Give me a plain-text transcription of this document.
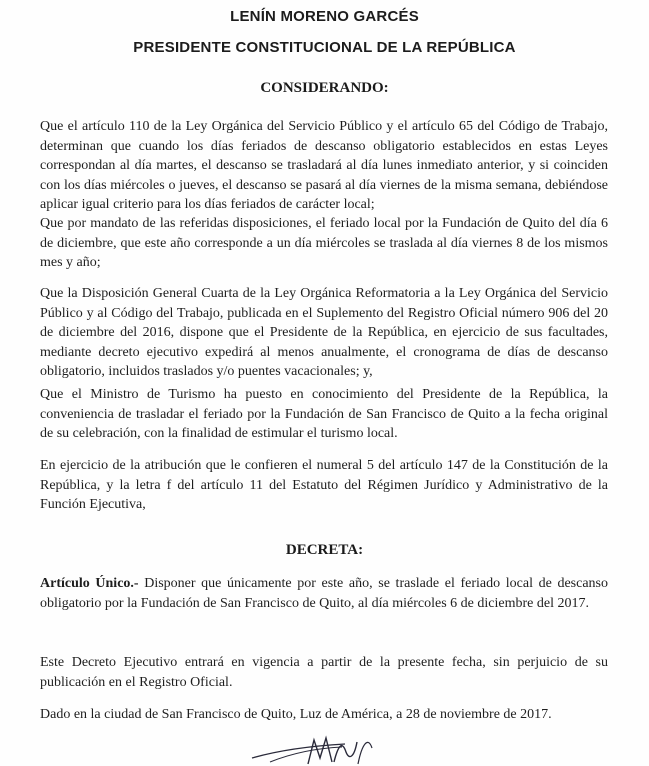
LENÍN MORENO GARCÉS
PRESIDENTE CONSTITUCIONAL DE LA REPÚBLICA
CONSIDERANDO:
Que el artículo 110 de la Ley Orgánica del Servicio Público y el artículo 65 del Código de Trabajo, determinan que cuando los días feriados de descanso obligatorio establecidos en estas Leyes correspondan al día martes, el descanso se trasladará al día lunes inmediato anterior, y si coinciden con los días miércoles o jueves, el descanso se pasará al día viernes de la misma semana, debiéndose aplicar igual criterio para los días feriados de carácter local;
Que por mandato de las referidas disposiciones, el feriado local por la Fundación de Quito del día 6 de diciembre, que este año corresponde a un día miércoles se traslada al día viernes 8 de los mismos mes y año;
Que la Disposición General Cuarta de la Ley Orgánica Reformatoria a la Ley Orgánica del Servicio Público y al Código del Trabajo, publicada en el Suplemento del Registro Oficial número 906 del 20 de diciembre del 2016, dispone que el Presidente de la República, en ejercicio de sus facultades, mediante decreto ejecutivo expedirá al menos anualmente, el cronograma de días de descanso obligatorio, incluidos traslados y/o puentes vacacionales; y,
Que el Ministro de Turismo ha puesto en conocimiento del Presidente de la República, la conveniencia de trasladar el feriado por la Fundación de San Francisco de Quito a la fecha original de su celebración, con la finalidad de estimular el turismo local.
En ejercicio de la atribución que le confieren el numeral 5 del artículo 147 de la Constitución de la República, y la letra f del artículo 11 del Estatuto del Régimen Jurídico y Administrativo de la Función Ejecutiva,
DECRETA:
Artículo Único.- Disponer que únicamente por este año, se traslade el feriado local de descanso obligatorio por la Fundación de San Francisco de Quito, al día miércoles 6 de diciembre del 2017.
Este Decreto Ejecutivo entrará en vigencia a partir de la presente fecha, sin perjuicio de su publicación en el Registro Oficial.
Dado en la ciudad de San Francisco de Quito, Luz de América, a 28 de noviembre de 2017.
